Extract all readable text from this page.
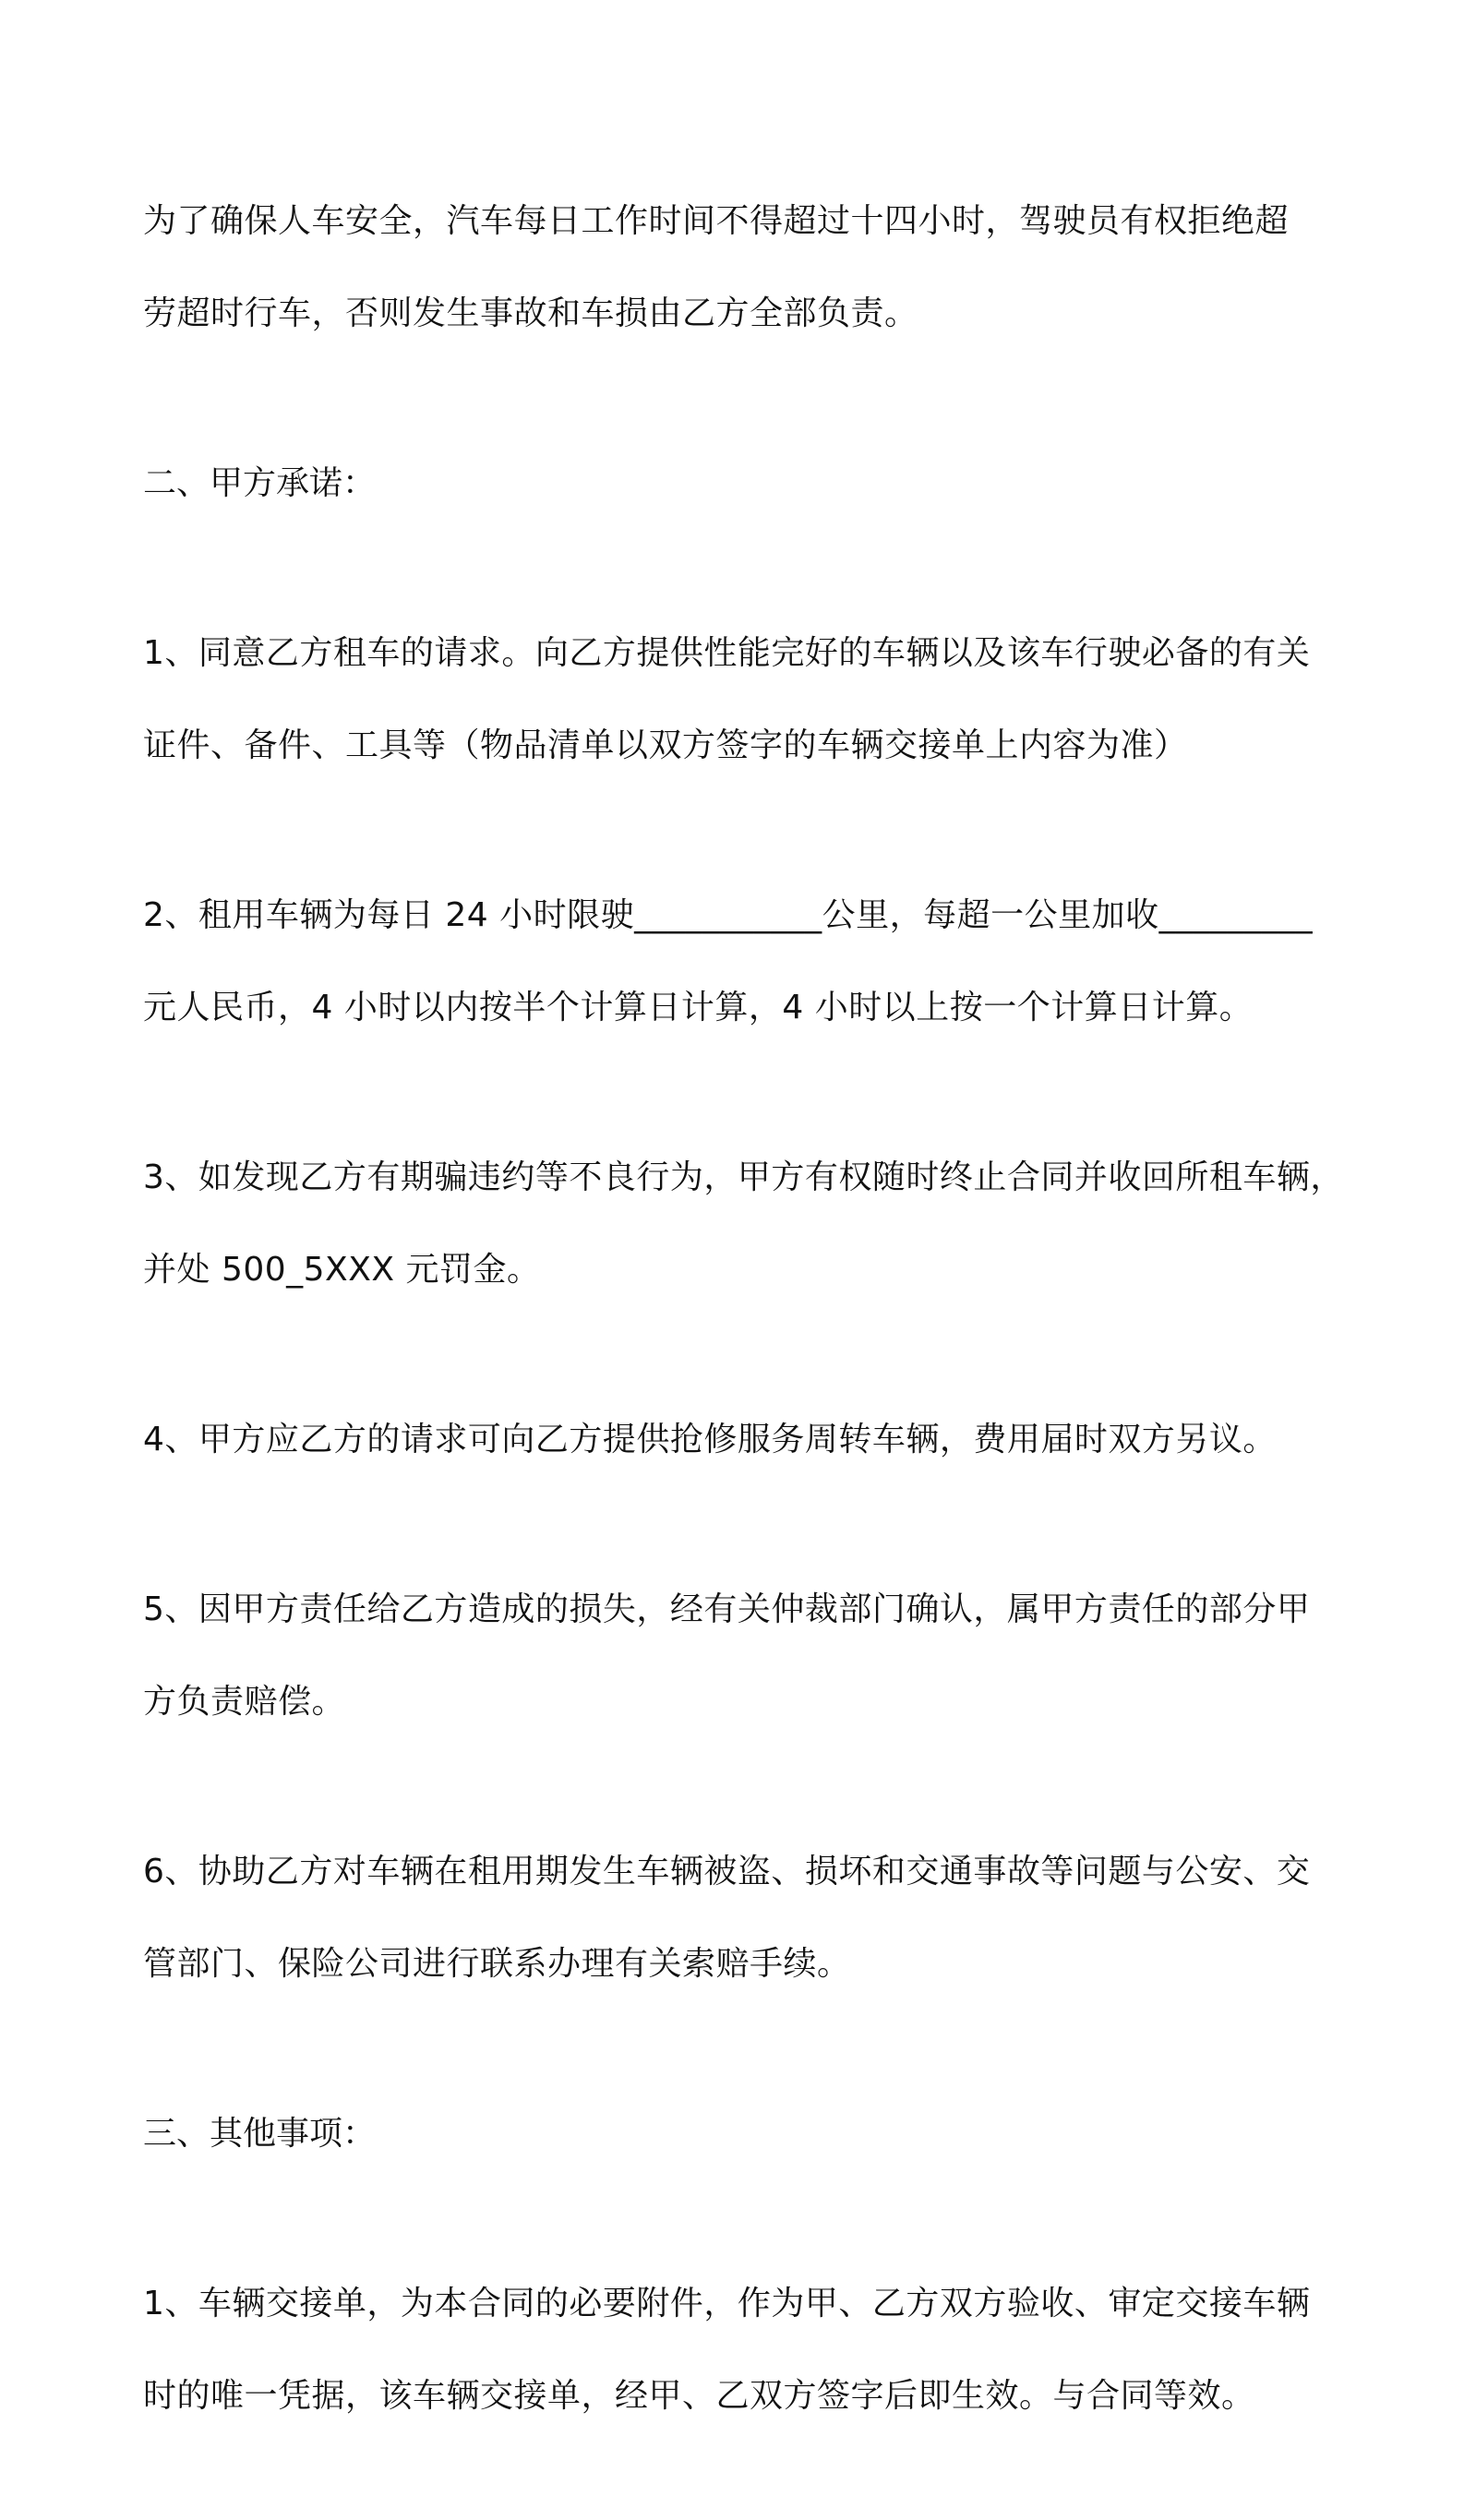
为了确保人车安全，汽车每日工作时间不得超过十四小时，驾驶员有权拒绝超
劳超时行车，否则发生事故和车损由乙方全部负责。

二、甲方承诺：

1、同意乙方租车的请求。向乙方提供性能完好的车辆以及该车行驶必备的有关
证件、备件、工具等（物品清单以双方签字的车辆交接单上内容为准）

2、租用车辆为每日 24 小时限驶___________公里，每超一公里加收_________
元人民币，4 小时以内按半个计算日计算，4 小时以上按一个计算日计算。

3、如发现乙方有期骗违约等不良行为，甲方有权随时终止合同并收回所租车辆，
并处 500_5XXX 元罚金。

4、甲方应乙方的请求可向乙方提供抢修服务周转车辆，费用届时双方另议。

5、因甲方责任给乙方造成的损失，经有关仲裁部门确认，属甲方责任的部分甲
方负责赔偿。

6、协助乙方对车辆在租用期发生车辆被盗、损坏和交通事故等问题与公安、交
管部门、保险公司进行联系办理有关索赔手续。

三、其他事项：

1、车辆交接单，为本合同的必要附件，作为甲、乙方双方验收、审定交接车辆
时的唯一凭据，该车辆交接单，经甲、乙双方签字后即生效。与合同等效。
